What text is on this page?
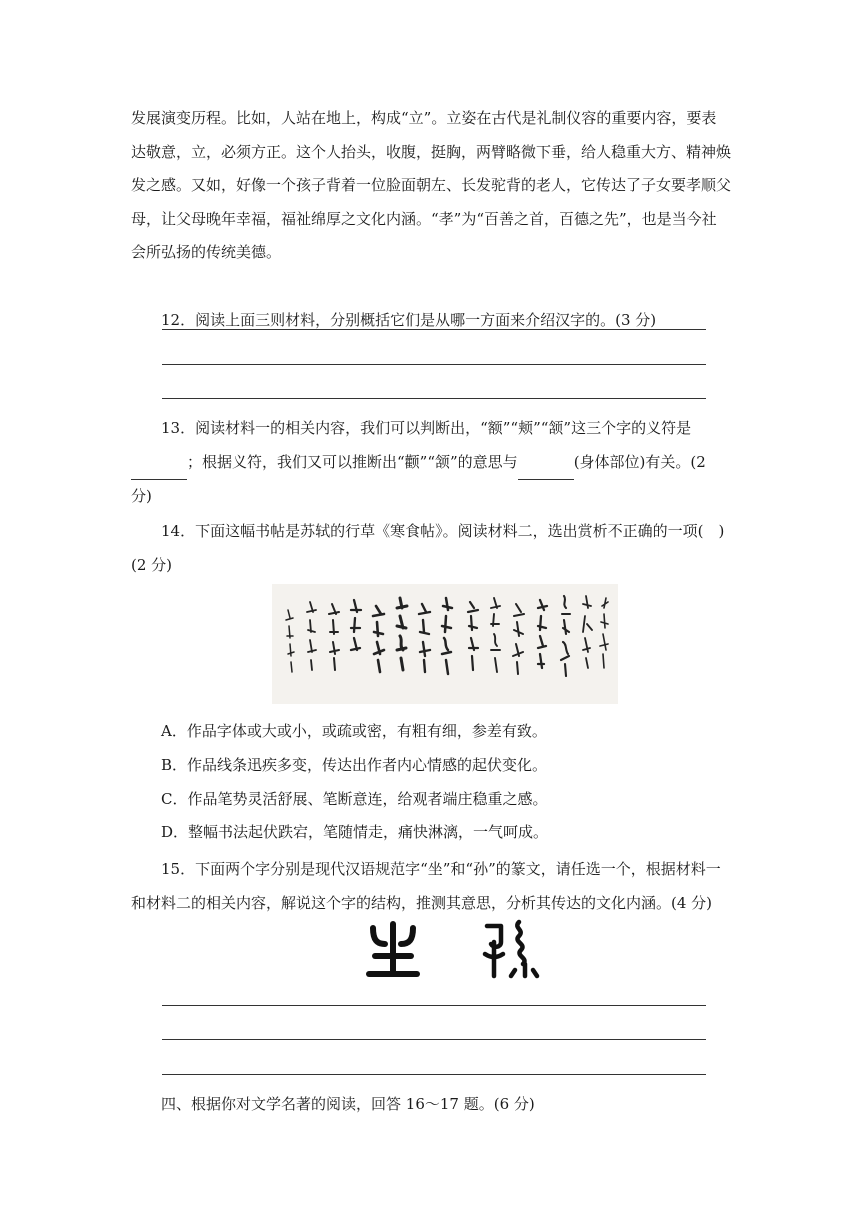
发展演变历程。比如，人站在地上，构成“立”。立姿在古代是礼制仪容的重要内容，要表达敬意，立，必须方正。这个人抬头，收腹，挺胸，两臂略微下垂，给人稳重大方、精神焕发之感。又如，好像一个孩子背着一位脸面朝左、长发驼背的老人，它传达了子女要孝顺父母，让父母晚年幸福，福祉绵厚之文化内涵。“孝”为“百善之首，百德之先”，也是当今社会所弘扬的传统美德。
12．阅读上面三则材料，分别概括它们是从哪一方面来介绍汉字的。(3 分)
13．阅读材料一的相关内容，我们可以判断出，“额”“颊”“颔”这三个字的义符是 ；根据义符，我们又可以推断出“颧”“颔”的意思与	(身体部位)有关。(2 分)
14．下面这幅书帖是苏轼的行草《寒食帖》。阅读材料二，选出赏析不正确的一项(　)(2 分)
A．作品字体或大或小，或疏或密，有粗有细，参差有致。
B．作品线条迅疾多变，传达出作者内心情感的起伏变化。
C．作品笔势灵活舒展、笔断意连，给观者端庄稳重之感。
D．整幅书法起伏跌宕，笔随情走，痛快淋漓，一气呵成。
15．下面两个字分别是现代汉语规范字“坐”和“孙”的篆文，请任选一个，根据材料一和材料二的相关内容，解说这个字的结构，推测其意思，分析其传达的文化内涵。(4 分)
四、根据你对文学名著的阅读，回答 16～17 题。(6 分)
